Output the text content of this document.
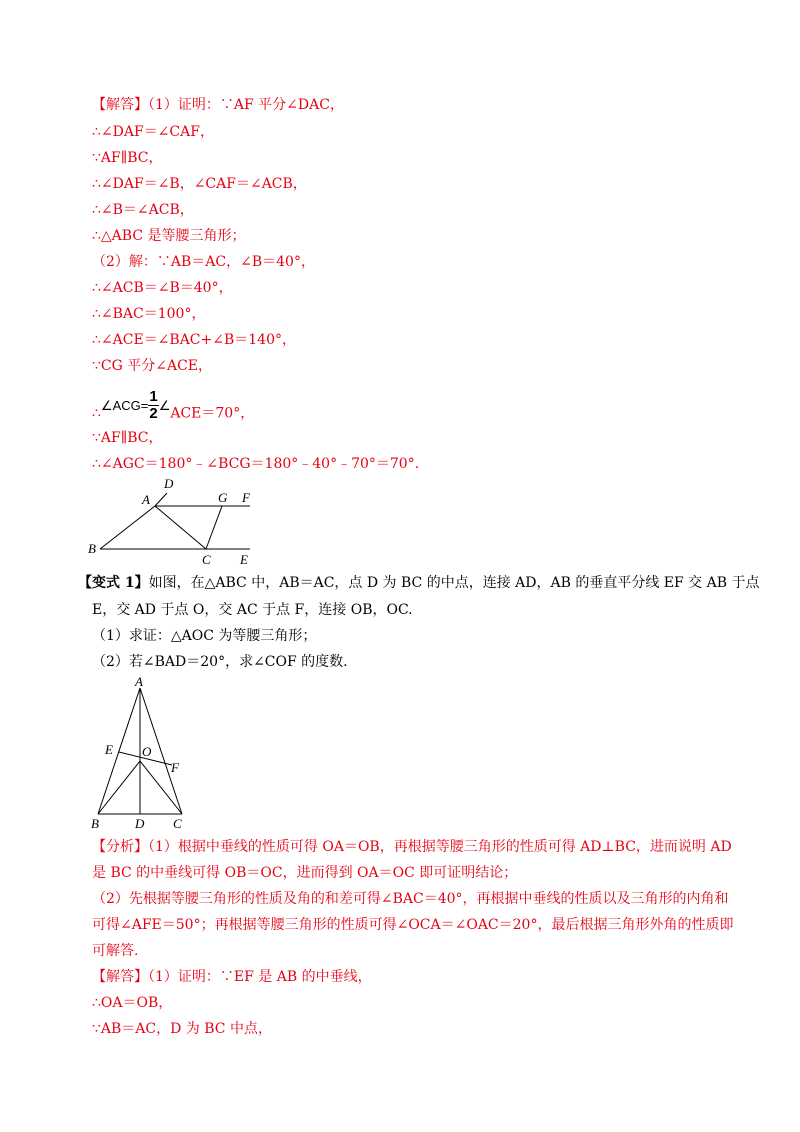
【解答】（1）证明：∵AF 平分∠DAC，
∴∠DAF＝∠CAF，
∵AF∥BC，
∴∠DAF＝∠B，∠CAF＝∠ACB，
∴∠B＝∠ACB，
∴△ABC 是等腰三角形；
（2）解：∵AB＝AC，∠B＝40°，
∴∠ACB＝∠B＝40°，
∴∠BAC＝100°，
∴∠ACE＝∠BAC+∠B＝140°，
∵CG 平分∠ACE，
∴∠ACG= $\frac{1}{2}$ ∠ACE＝70°，
∵AF∥BC，
∴∠AGC＝180°﹣∠BCG＝180°﹣40°﹣70°＝70°.
A
D
G F
B
C E
【变式 1】如图，在△ABC 中，AB＝AC，点 D 为 BC 的中点，连接 AD，AB 的垂直平分线 EF 交 AB 于点
E，交 AD 于点 O，交 AC 于点 F，连接 OB，OC.
（1）求证：△AOC 为等腰三角形；
（2）若∠BAD＝20°，求∠COF 的度数.
A
E O
F
B	D C
【分析】（1）根据中垂线的性质可得 OA＝OB，再根据等腰三角形的性质可得 AD⊥BC，进而说明 AD
是 BC 的中垂线可得 OB＝OC，进而得到 OA＝OC 即可证明结论；
（2）先根据等腰三角形的性质及角的和差可得∠BAC＝40°，再根据中垂线的性质以及三角形的内角和
可得∠AFE＝50°；再根据等腰三角形的性质可得∠OCA＝∠OAC＝20°，最后根据三角形外角的性质即
可解答.
【解答】（1）证明：∵EF 是 AB 的中垂线，
∴OA＝OB，
∵AB＝AC，D 为 BC 中点，
